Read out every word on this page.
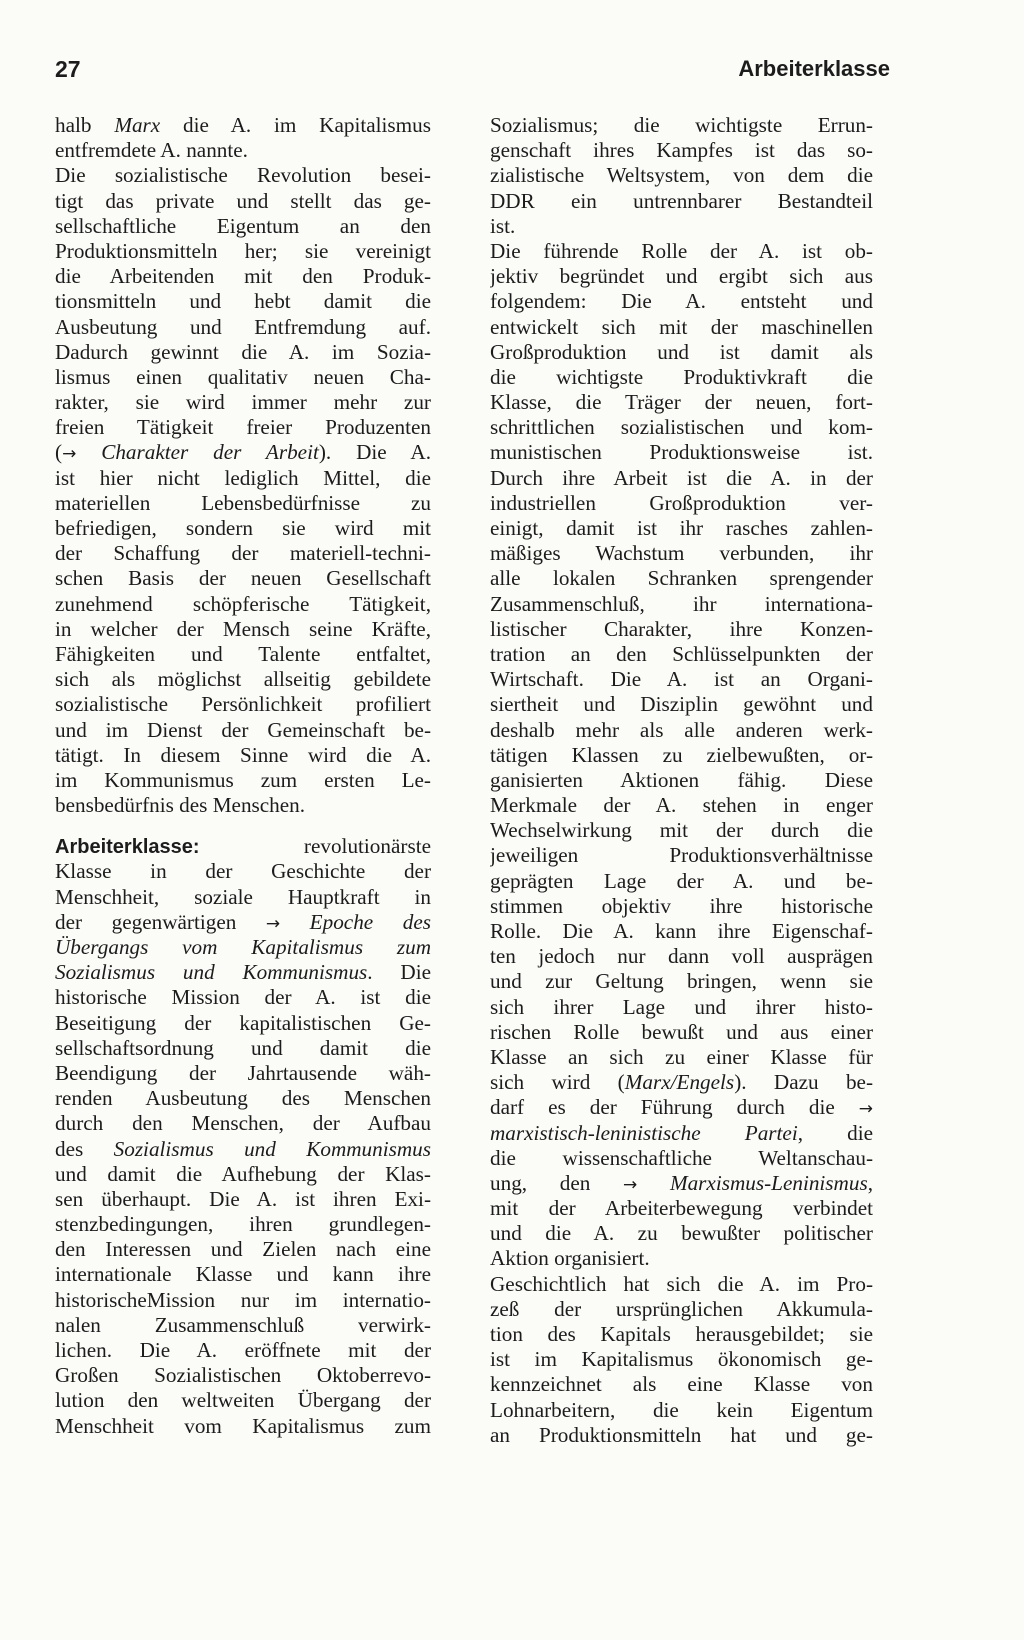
27	Arbeiterklasse
halb Marx die A. im Kapitalismus
entfremdete A. nannte.
Die sozialistische Revolution besei-
tigt das private und stellt das ge-
sellschaftliche Eigentum an den
Produktionsmitteln her; sie vereinigt
die Arbeitenden mit den Produk-
tionsmitteln und hebt damit die
Ausbeutung und Entfremdung auf.
Dadurch gewinnt die A. im Sozia-
lismus einen qualitativ neuen Cha-
rakter, sie wird immer mehr zur
freien Tätigkeit freier Produzenten
(→ Charakter der Arbeit). Die A.
ist hier nicht lediglich Mittel, die
materiellen Lebensbedürfnisse zu
befriedigen, sondern sie wird mit
der Schaffung der materiell-techni-
schen Basis der neuen Gesellschaft
zunehmend schöpferische Tätigkeit,
in welcher der Mensch seine Kräfte,
Fähigkeiten und Talente entfaltet,
sich als möglichst allseitig gebildete
sozialistische Persönlichkeit profiliert
und im Dienst der Gemeinschaft be-
tätigt. In diesem Sinne wird die A.
im Kommunismus zum ersten Le-
bensbedürfnis des Menschen.
Arbeiterklasse: revolutionärste
Klasse in der Geschichte der
Menschheit, soziale Hauptkraft in
der gegenwärtigen → Epoche des
Übergangs vom Kapitalismus zum
Sozialismus und Kommunismus. Die
historische Mission der A. ist die
Beseitigung der kapitalistischen Ge-
sellschaftsordnung und damit die
Beendigung der Jahrtausende wäh-
renden Ausbeutung des Menschen
durch den Menschen, der Aufbau
des Sozialismus und Kommunismus
und damit die Aufhebung der Klas-
sen überhaupt. Die A. ist ihren Exi-
stenzbedingungen, ihren grundlegen-
den Interessen und Zielen nach eine
internationale Klasse und kann ihre
historischeMission nur im internatio-
nalen Zusammenschluß verwirk-
lichen. Die A. eröffnete mit der
Großen Sozialistischen Oktoberrevo-
lution den weltweiten Übergang der
Menschheit vom Kapitalismus zum
Sozialismus; die wichtigste Errun-
genschaft ihres Kampfes ist das so-
zialistische Weltsystem, von dem die
DDR ein untrennbarer Bestandteil
ist.
Die führende Rolle der A. ist ob-
jektiv begründet und ergibt sich aus
folgendem: Die A. entsteht und
entwickelt sich mit der maschinellen
Großproduktion und ist damit als
die wichtigste Produktivkraft die
Klasse, die Träger der neuen, fort-
schrittlichen sozialistischen und kom-
munistischen Produktionsweise ist.
Durch ihre Arbeit ist die A. in der
industriellen Großproduktion ver-
einigt, damit ist ihr rasches zahlen-
mäßiges Wachstum verbunden, ihr
alle lokalen Schranken sprengender
Zusammenschluß, ihr internationa-
listischer Charakter, ihre Konzen-
tration an den Schlüsselpunkten der
Wirtschaft. Die A. ist an Organi-
siertheit und Disziplin gewöhnt und
deshalb mehr als alle anderen werk-
tätigen Klassen zu zielbewußten, or-
ganisierten Aktionen fähig. Diese
Merkmale der A. stehen in enger
Wechselwirkung mit der durch die
jeweiligen Produktionsverhältnisse
geprägten Lage der A. und be-
stimmen objektiv ihre historische
Rolle. Die A. kann ihre Eigenschaf-
ten jedoch nur dann voll ausprägen
und zur Geltung bringen, wenn sie
sich ihrer Lage und ihrer histo-
rischen Rolle bewußt und aus einer
Klasse an sich zu einer Klasse für
sich wird (Marx/Engels). Dazu be-
darf es der Führung durch die →
marxistisch-leninistische Partei, die
die wissenschaftliche Weltanschau-
ung, den → Marxismus-Leninismus,
mit der Arbeiterbewegung verbindet
und die A. zu bewußter politischer
Aktion organisiert.
Geschichtlich hat sich die A. im Pro-
zeß der ursprünglichen Akkumula-
tion des Kapitals herausgebildet; sie
ist im Kapitalismus ökonomisch ge-
kennzeichnet als eine Klasse von
Lohnarbeitern, die kein Eigentum
an Produktionsmitteln hat und ge-
